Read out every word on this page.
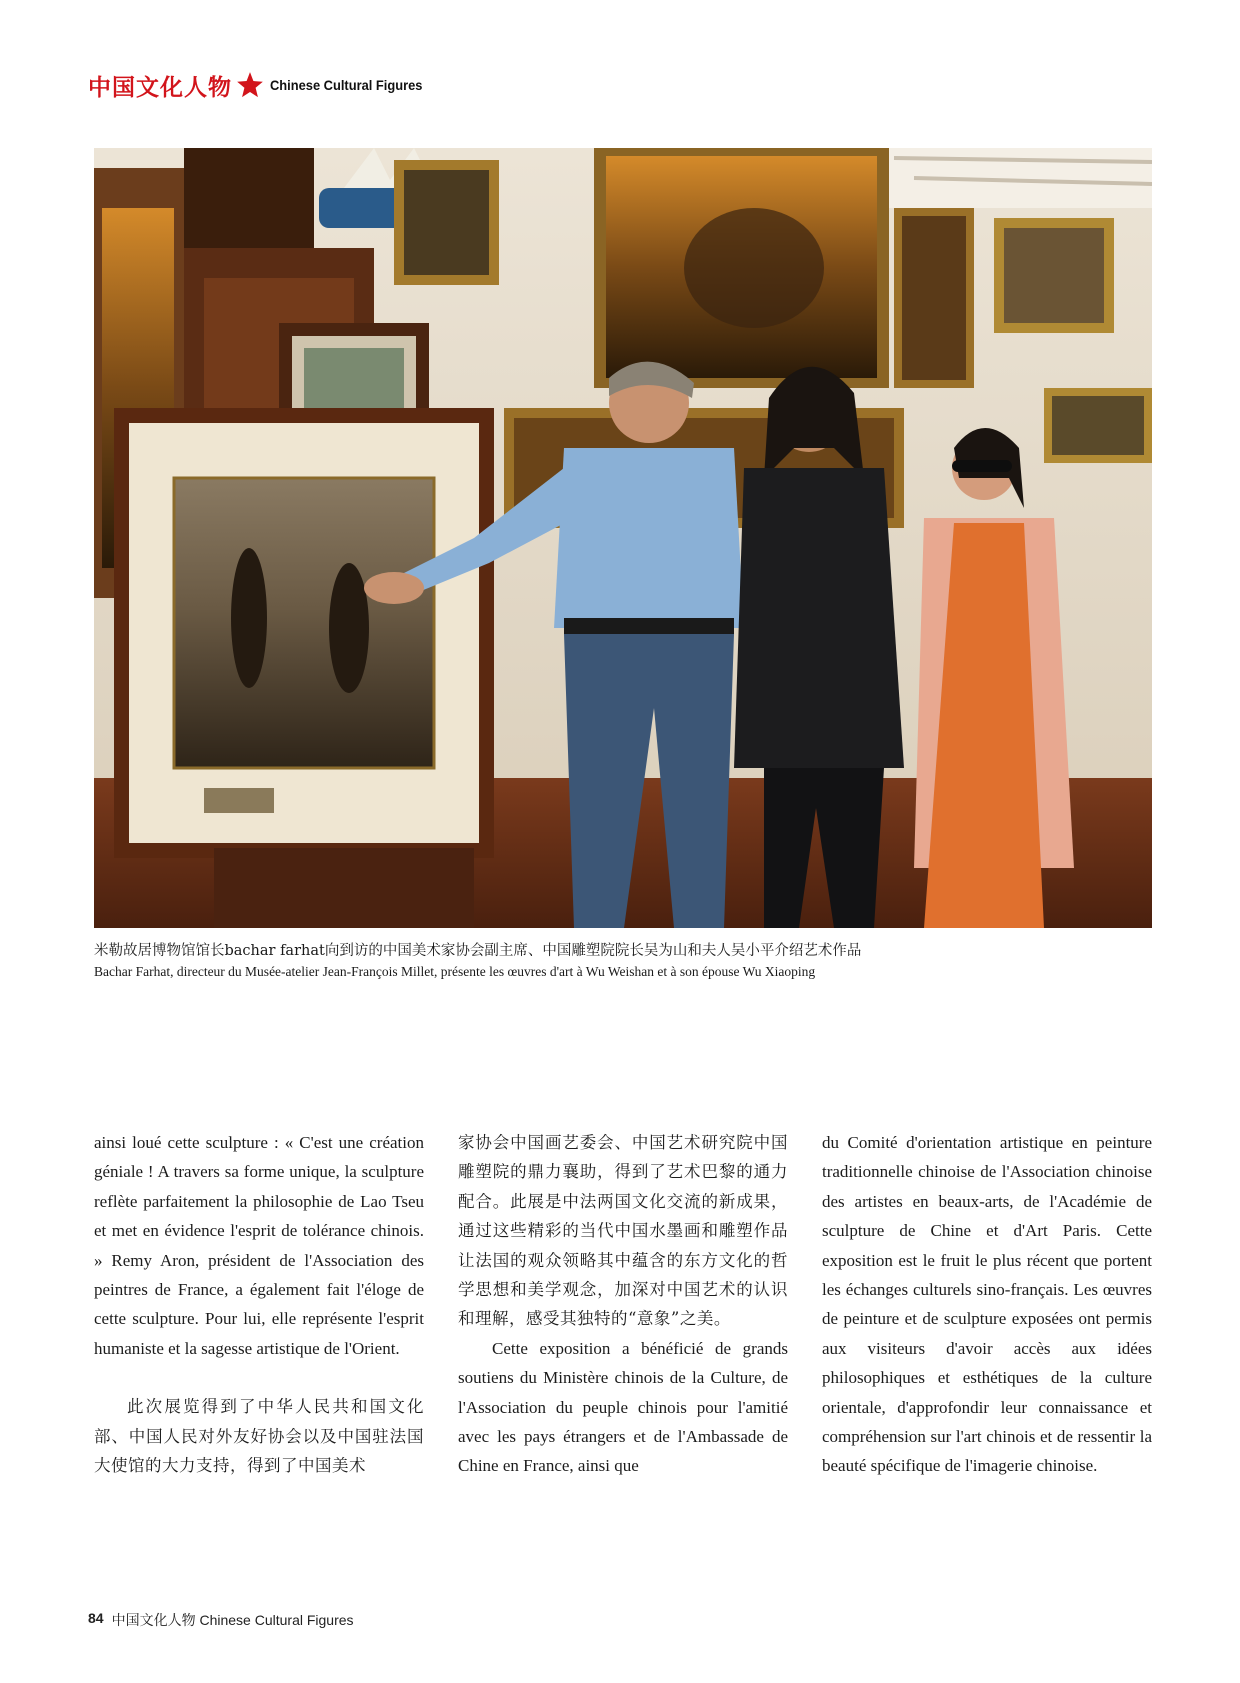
中国文化人物	Chinese Cultural Figures
米勒故居博物馆馆长bachar farhat向到访的中国美术家协会副主席、中国雕塑院院长吴为山和夫人吴小平介绍艺术作品
Bachar Farhat, directeur du Musée-atelier Jean-François Millet, présente les œuvres d'art à Wu Weishan et à son épouse Wu Xiaoping

ainsi loué cette sculpture : « C'est une création géniale ! A travers sa forme unique, la sculpture reflète parfaitement la philosophie de Lao Tseu et met en évidence l'esprit de tolérance chinois. » Remy Aron, président de l'Association des peintres de France, a également fait l'éloge de cette sculpture. Pour lui, elle représente l'esprit humaniste et la sagesse artistique de l'Orient.

此次展览得到了中华人民共和国文化部、中国人民对外友好协会以及中国驻法国大使馆的大力支持，得到了中国美术

家协会中国画艺委会、中国艺术研究院中国雕塑院的鼎力襄助，得到了艺术巴黎的通力配合。此展是中法两国文化交流的新成果，通过这些精彩的当代中国水墨画和雕塑作品让法国的观众领略其中蕴含的东方文化的哲学思想和美学观念，加深对中国艺术的认识和理解，感受其独特的“意象”之美。

Cette exposition a bénéficié de grands soutiens du Ministère chinois de la Culture, de l'Association du peuple chinois pour l'amitié avec les pays étrangers et de l'Ambassade de Chine en France, ainsi que

du Comité d'orientation artistique en peinture traditionnelle chinoise de l'Association chinoise des artistes en beaux-arts, de l'Académie de sculpture de Chine et d'Art Paris. Cette exposition est le fruit le plus récent que portent les échanges culturels sino-français. Les œuvres de peinture et de sculpture exposées ont permis aux visiteurs d'avoir accès aux idées philosophiques et esthétiques de la culture orientale, d'approfondir leur connaissance et compréhension sur l'art chinois et de ressentir la beauté spécifique de l'imagerie chinoise.

84 中国文化人物 Chinese Cultural Figures
